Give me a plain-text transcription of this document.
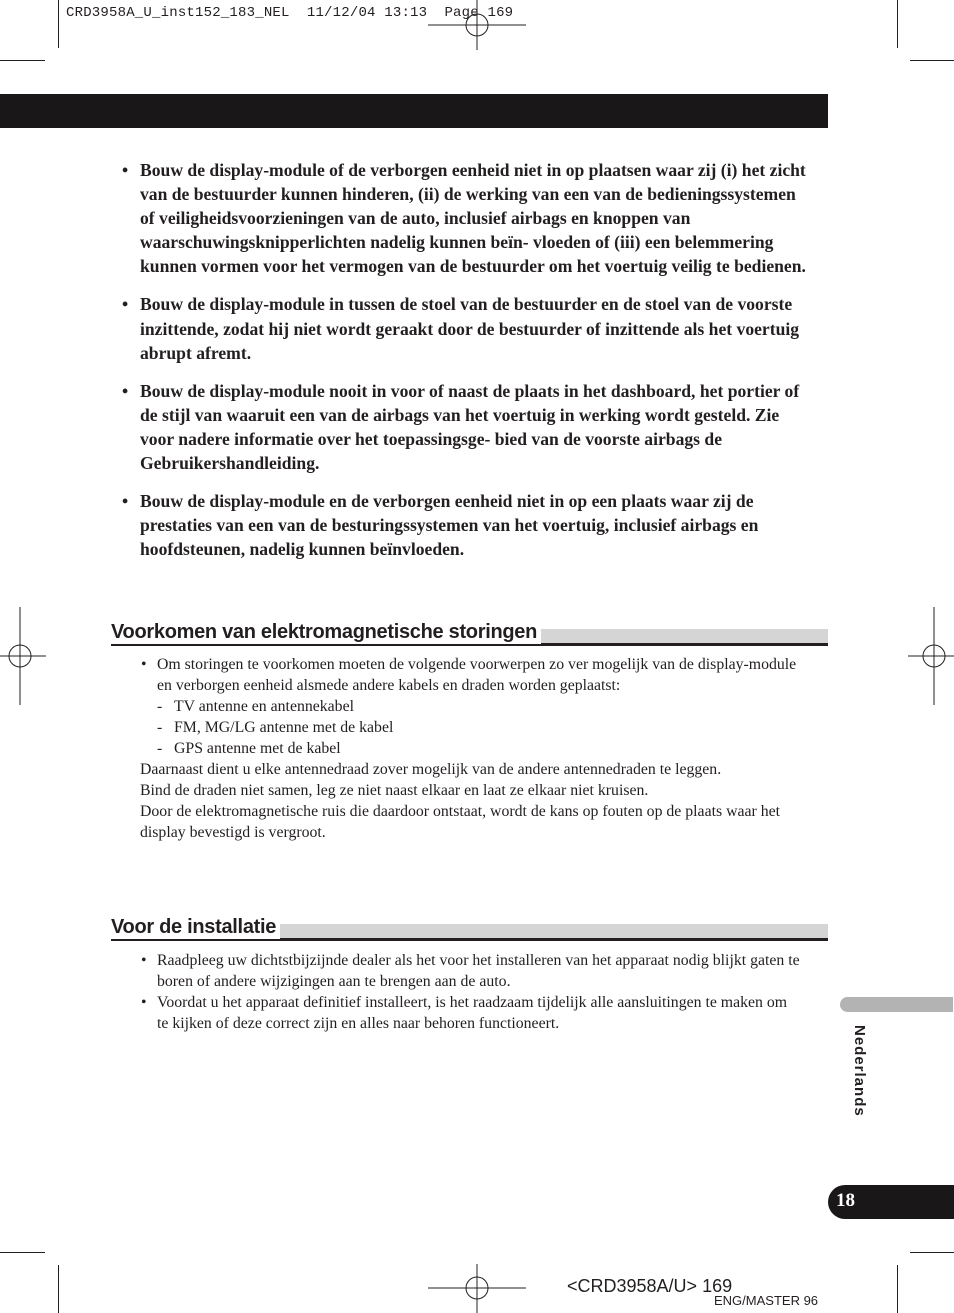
CRD3958A_U_inst152_183_NEL  11/12/04 13:13  Page 169
• Bouw de display-module of de verborgen eenheid niet in op plaatsen waar zij (i) het zicht van de bestuurder kunnen hinderen, (ii) de werking van een van de bedieningssystemen of veiligheidsvoorzieningen van de auto, inclusief airbags en knoppen van waarschuwingsknipperlichten nadelig kunnen beïn- vloeden of (iii) een belemmering kunnen vormen voor het vermogen van de bestuurder om het voertuig veilig te bedienen.
• Bouw de display-module in tussen de stoel van de bestuurder en de stoel van de voorste inzittende, zodat hij niet wordt geraakt door de bestuurder of inzittende als het voertuig abrupt afremt.
• Bouw de display-module nooit in voor of naast de plaats in het dashboard, het portier of de stijl van waaruit een van de airbags van het voertuig in werking wordt gesteld. Zie voor nadere informatie over het toepassingsge- bied van de voorste airbags de Gebruikershandleiding.
• Bouw de display-module en de verborgen eenheid niet in op een plaats waar zij de prestaties van een van de besturingssystemen van het voertuig, inclusief airbags en hoofdsteunen, nadelig kunnen beïnvloeden.
Voorkomen van elektromagnetische storingen
• Om storingen te voorkomen moeten de volgende voorwerpen zo ver mogelijk van de display-module en verborgen eenheid alsmede andere kabels en draden worden geplaatst:
- TV antenne en antennekabel
- FM, MG/LG antenne met de kabel
- GPS antenne met de kabel
Daarnaast dient u elke antennedraad zover mogelijk van de andere antennedraden te leggen.
Bind de draden niet samen, leg ze niet naast elkaar en laat ze elkaar niet kruisen.
Door de elektromagnetische ruis die daardoor ontstaat, wordt de kans op fouten op de plaats waar het display bevestigd is vergroot.
Voor de installatie
• Raadpleeg uw dichtstbijzijnde dealer als het voor het installeren van het apparaat nodig blijkt gaten te boren of andere wijzigingen aan te brengen aan de auto.
• Voordat u het apparaat definitief installeert, is het raadzaam tijdelijk alle aansluitingen te maken om te kijken of deze correct zijn en alles naar behoren functioneert.
Nederlands
18
<CRD3958A/U> 169
ENG/MASTER 96
